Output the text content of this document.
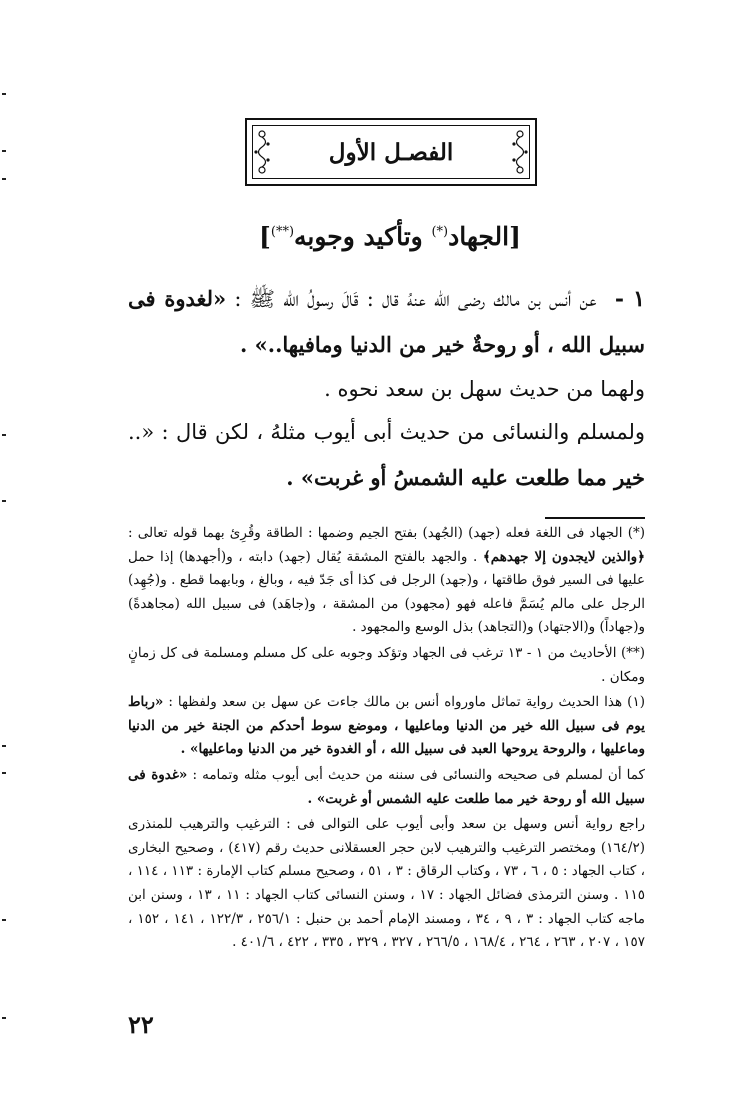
الفصـل الأول
[الجهاد(*) وتأكيد وجوبه(**)]
١ - عن أنس بن مالك رضى الله عنهُ قال : قَالَ رسولُ الله ﷺ : «لغدوة فى سبيل الله ، أو روحةٌ خير من الدنيا ومافيها..» .
ولهما من حديث سهل بن سعد نحوه .
ولمسلم والنسائى من حديث أبى أيوب مثلهُ ، لكن قال : «.. خير مما طلعت عليه الشمسُ أو غربت» .

(*) الجهاد فى اللغة فعله (جهد) (الجُهد) بفتح الجيم وضمها : الطاقة وقُرِئ بهما قوله تعالى : ﴿والذين لايجدون إلا جهدهم﴾ . والجهد بالفتح المشقة يُقال (جهد) دابته ، و(أجهدها) إذا حمل عليها فى السير فوق طاقتها ، و(جهد) الرجل فى كذا أى جَدّ فيه ، وبالغ ، وبابهما قطع . و(جُهِد) الرجل على مالم يُسَمَّ فاعله فهو (مجهود) من المشقة ، و(جاهَد) فى سبيل الله (مجاهدةً) و(جهاداً) و(الاجتهاد) و(التجاهد) بذل الوسع والمجهود .

(**) الأحاديث من ١ - ١٣ ترغب فى الجهاد وتؤكد وجوبه على كل مسلم ومسلمة فى كل زمانٍ ومكان .

(١) هذا الحديث رواية تماثل ماورواه أنس بن مالك جاءت عن سهل بن سعد ولفظها : «رباط يوم فى سبيل الله خير من الدنيا وماعليها ، وموضع سوط أحدكم من الجنة خير من الدنيا وماعليها ، والروحة يروحها العبد فى سبيل الله ، أو الغدوة خير من الدنيا وماعليها» .

كما أن لمسلم فى صحيحه والنسائى فى سننه من حديث أبى أيوب مثله وتمامه : «غدوة فى سبيل الله أو روحة خير مما طلعت عليه الشمس أو غربت» .

راجع رواية أنس وسهل بن سعد وأبى أيوب على التوالى فى : الترغيب والترهيب للمنذرى (١٦٤/٢) ومختصر الترغيب والترهيب لابن حجر العسقلانى حديث رقم (٤١٧) ، وصحيح البخارى ، كتاب الجهاد : ٥ ، ٦ ، ٧٣ ، وكتاب الرقاق : ٣ ، ٥١ ، وصحيح مسلم كتاب الإمارة : ١١٣ ، ١١٤ ، ١١٥ . وسنن الترمذى فضائل الجهاد : ١٧ ، وسنن النسائى كتاب الجهاد : ١١ ، ١٣ ، وسنن ابن ماجه كتاب الجهاد : ٣ ، ٩ ، ٣٤ ، ومسند الإمام أحمد بن حنبل : ٢٥٦/١ ، ١٢٢/٣ ، ١٤١ ، ١٥٢ ، ١٥٧ ، ٢٠٧ ، ٢٦٣ ، ٢٦٤ ، ١٦٨/٤ ، ٢٦٦/٥ ، ٣٢٧ ، ٣٢٩ ، ٣٣٥ ، ٤٢٢ ، ٤٠١/٦ .

٢٢
